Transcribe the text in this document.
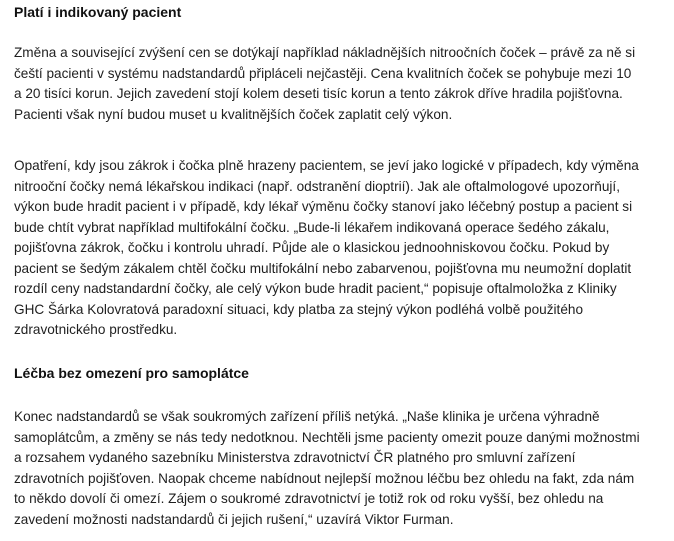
Platí i indikovaný pacient

Změna a související zvýšení cen se dotýkají například nákladnějších nitroočních čoček – právě za ně si
čeští pacienti v systému nadstandardů připláceli nejčastěji. Cena kvalitních čoček se pohybuje mezi 10
a 20 tisíci korun. Jejich zavedení stojí kolem deseti tisíc korun a tento zákrok dříve hradila pojišťovna.
Pacienti však nyní budou muset u kvalitnějších čoček zaplatit celý výkon.

Opatření, kdy jsou zákrok i čočka plně hrazeny pacientem, se jeví jako logické v případech, kdy výměna
nitrooční čočky nemá lékařskou indikaci (např. odstranění dioptrií). Jak ale oftalmologové upozorňují,
výkon bude hradit pacient i v případě, kdy lékař výměnu čočky stanoví jako léčebný postup a pacient si
bude chtít vybrat například multifokální čočku. „Bude-li lékařem indikovaná operace šedého zákalu,
pojišťovna zákrok, čočku i kontrolu uhradí. Půjde ale o klasickou jednoohniskovou čočku. Pokud by
pacient se šedým zákalem chtěl čočku multifokální nebo zabarvenou, pojišťovna mu neumožní doplatit
rozdíl ceny nadstandardní čočky, ale celý výkon bude hradit pacient,“ popisuje oftalmoložka z Kliniky
GHC Šárka Kolovratová paradoxní situaci, kdy platba za stejný výkon podléhá volbě použitého
zdravotnického prostředku.

Léčba bez omezení pro samoplátce

Konec nadstandardů se však soukromých zařízení příliš netýká. „Naše klinika je určena výhradně
samoplátcům, a změny se nás tedy nedotknou. Nechtěli jsme pacienty omezit pouze danými možnostmi
a rozsahem vydaného sazebníku Ministerstva zdravotnictví ČR platného pro smluvní zařízení
zdravotních pojišťoven. Naopak chceme nabídnout nejlepší možnou léčbu bez ohledu na fakt, zda nám
to někdo dovolí či omezí. Zájem o soukromé zdravotnictví je totiž rok od roku vyšší, bez ohledu na
zavedení možnosti nadstandardů či jejich rušení,“ uzavírá Viktor Furman.
